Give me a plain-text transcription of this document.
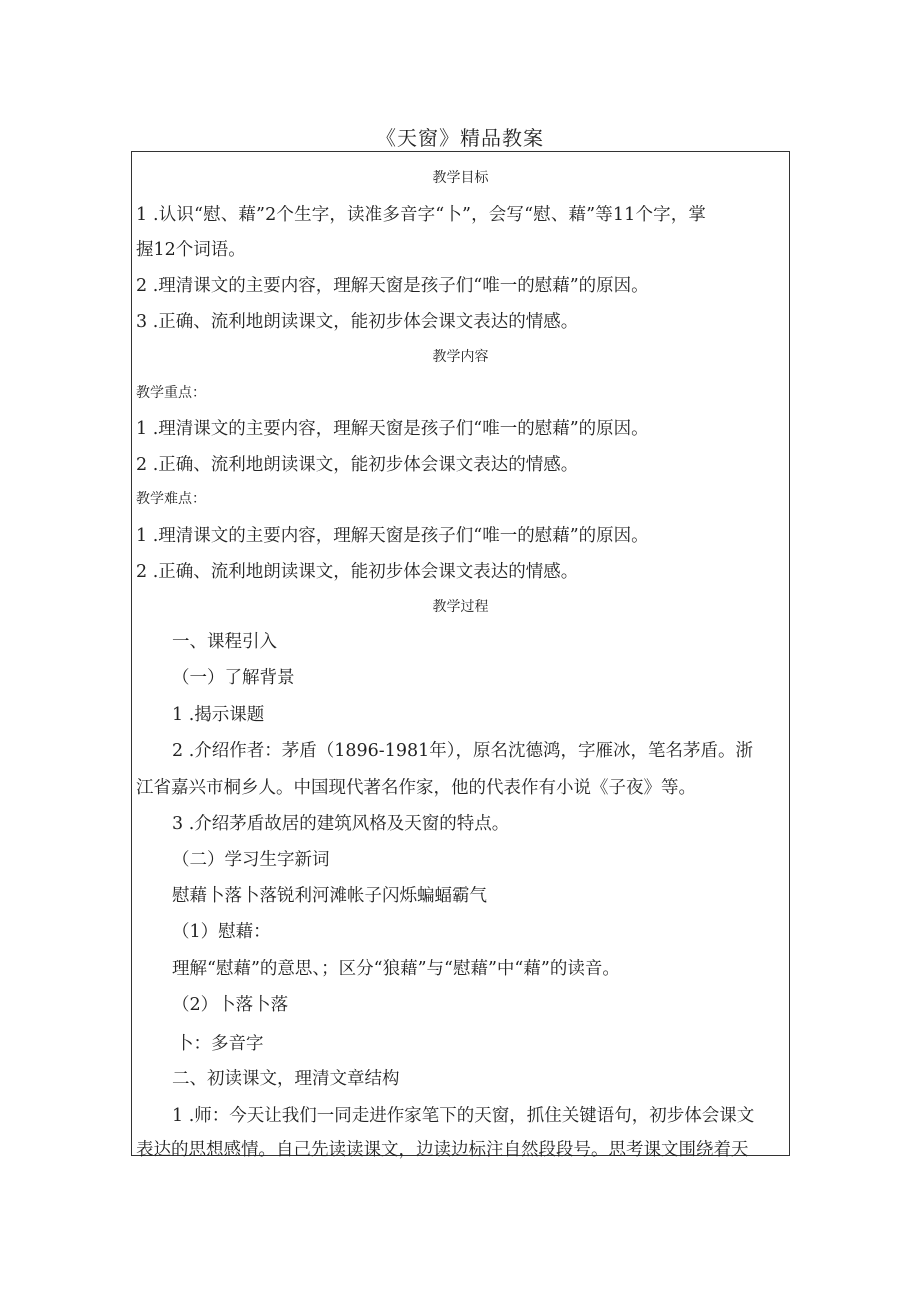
《天窗》精品教案
教学目标
1 .认识“慰、藉”2个生字，读准多音字“卜”，会写“慰、藉”等11个字，掌
握12个词语。
2 .理清课文的主要内容，理解天窗是孩子们“唯一的慰藉”的原因。
3 .正确、流利地朗读课文，能初步体会课文表达的情感。
教学内容
教学重点：
1 .理清课文的主要内容，理解天窗是孩子们“唯一的慰藉”的原因。
2 .正确、流利地朗读课文，能初步体会课文表达的情感。
教学难点：
1 .理清课文的主要内容，理解天窗是孩子们“唯一的慰藉”的原因。
2 .正确、流利地朗读课文，能初步体会课文表达的情感。
教学过程
一、课程引入
（一）了解背景
1 .揭示课题
2 .介绍作者：茅盾（1896-1981年），原名沈德鸿，字雁冰，笔名茅盾。浙
江省嘉兴市桐乡人。中国现代著名作家，他的代表作有小说《子夜》等。
3 .介绍茅盾故居的建筑风格及天窗的特点。
（二）学习生字新词
慰藉卜落卜落锐利河滩帐子闪烁蝙蝠霸气
（1）慰藉：
理解“慰藉”的意思、；区分“狼藉”与“慰藉”中“藉”的读音。
（2）卜落卜落
卜：多音字
二、初读课文，理清文章结构
1 .师：今天让我们一同走进作家笔下的天窗，抓住关键语句，初步体会课文
表达的思想感情。自己先读读课文，边读边标注自然段段号。思考课文围绕着天
